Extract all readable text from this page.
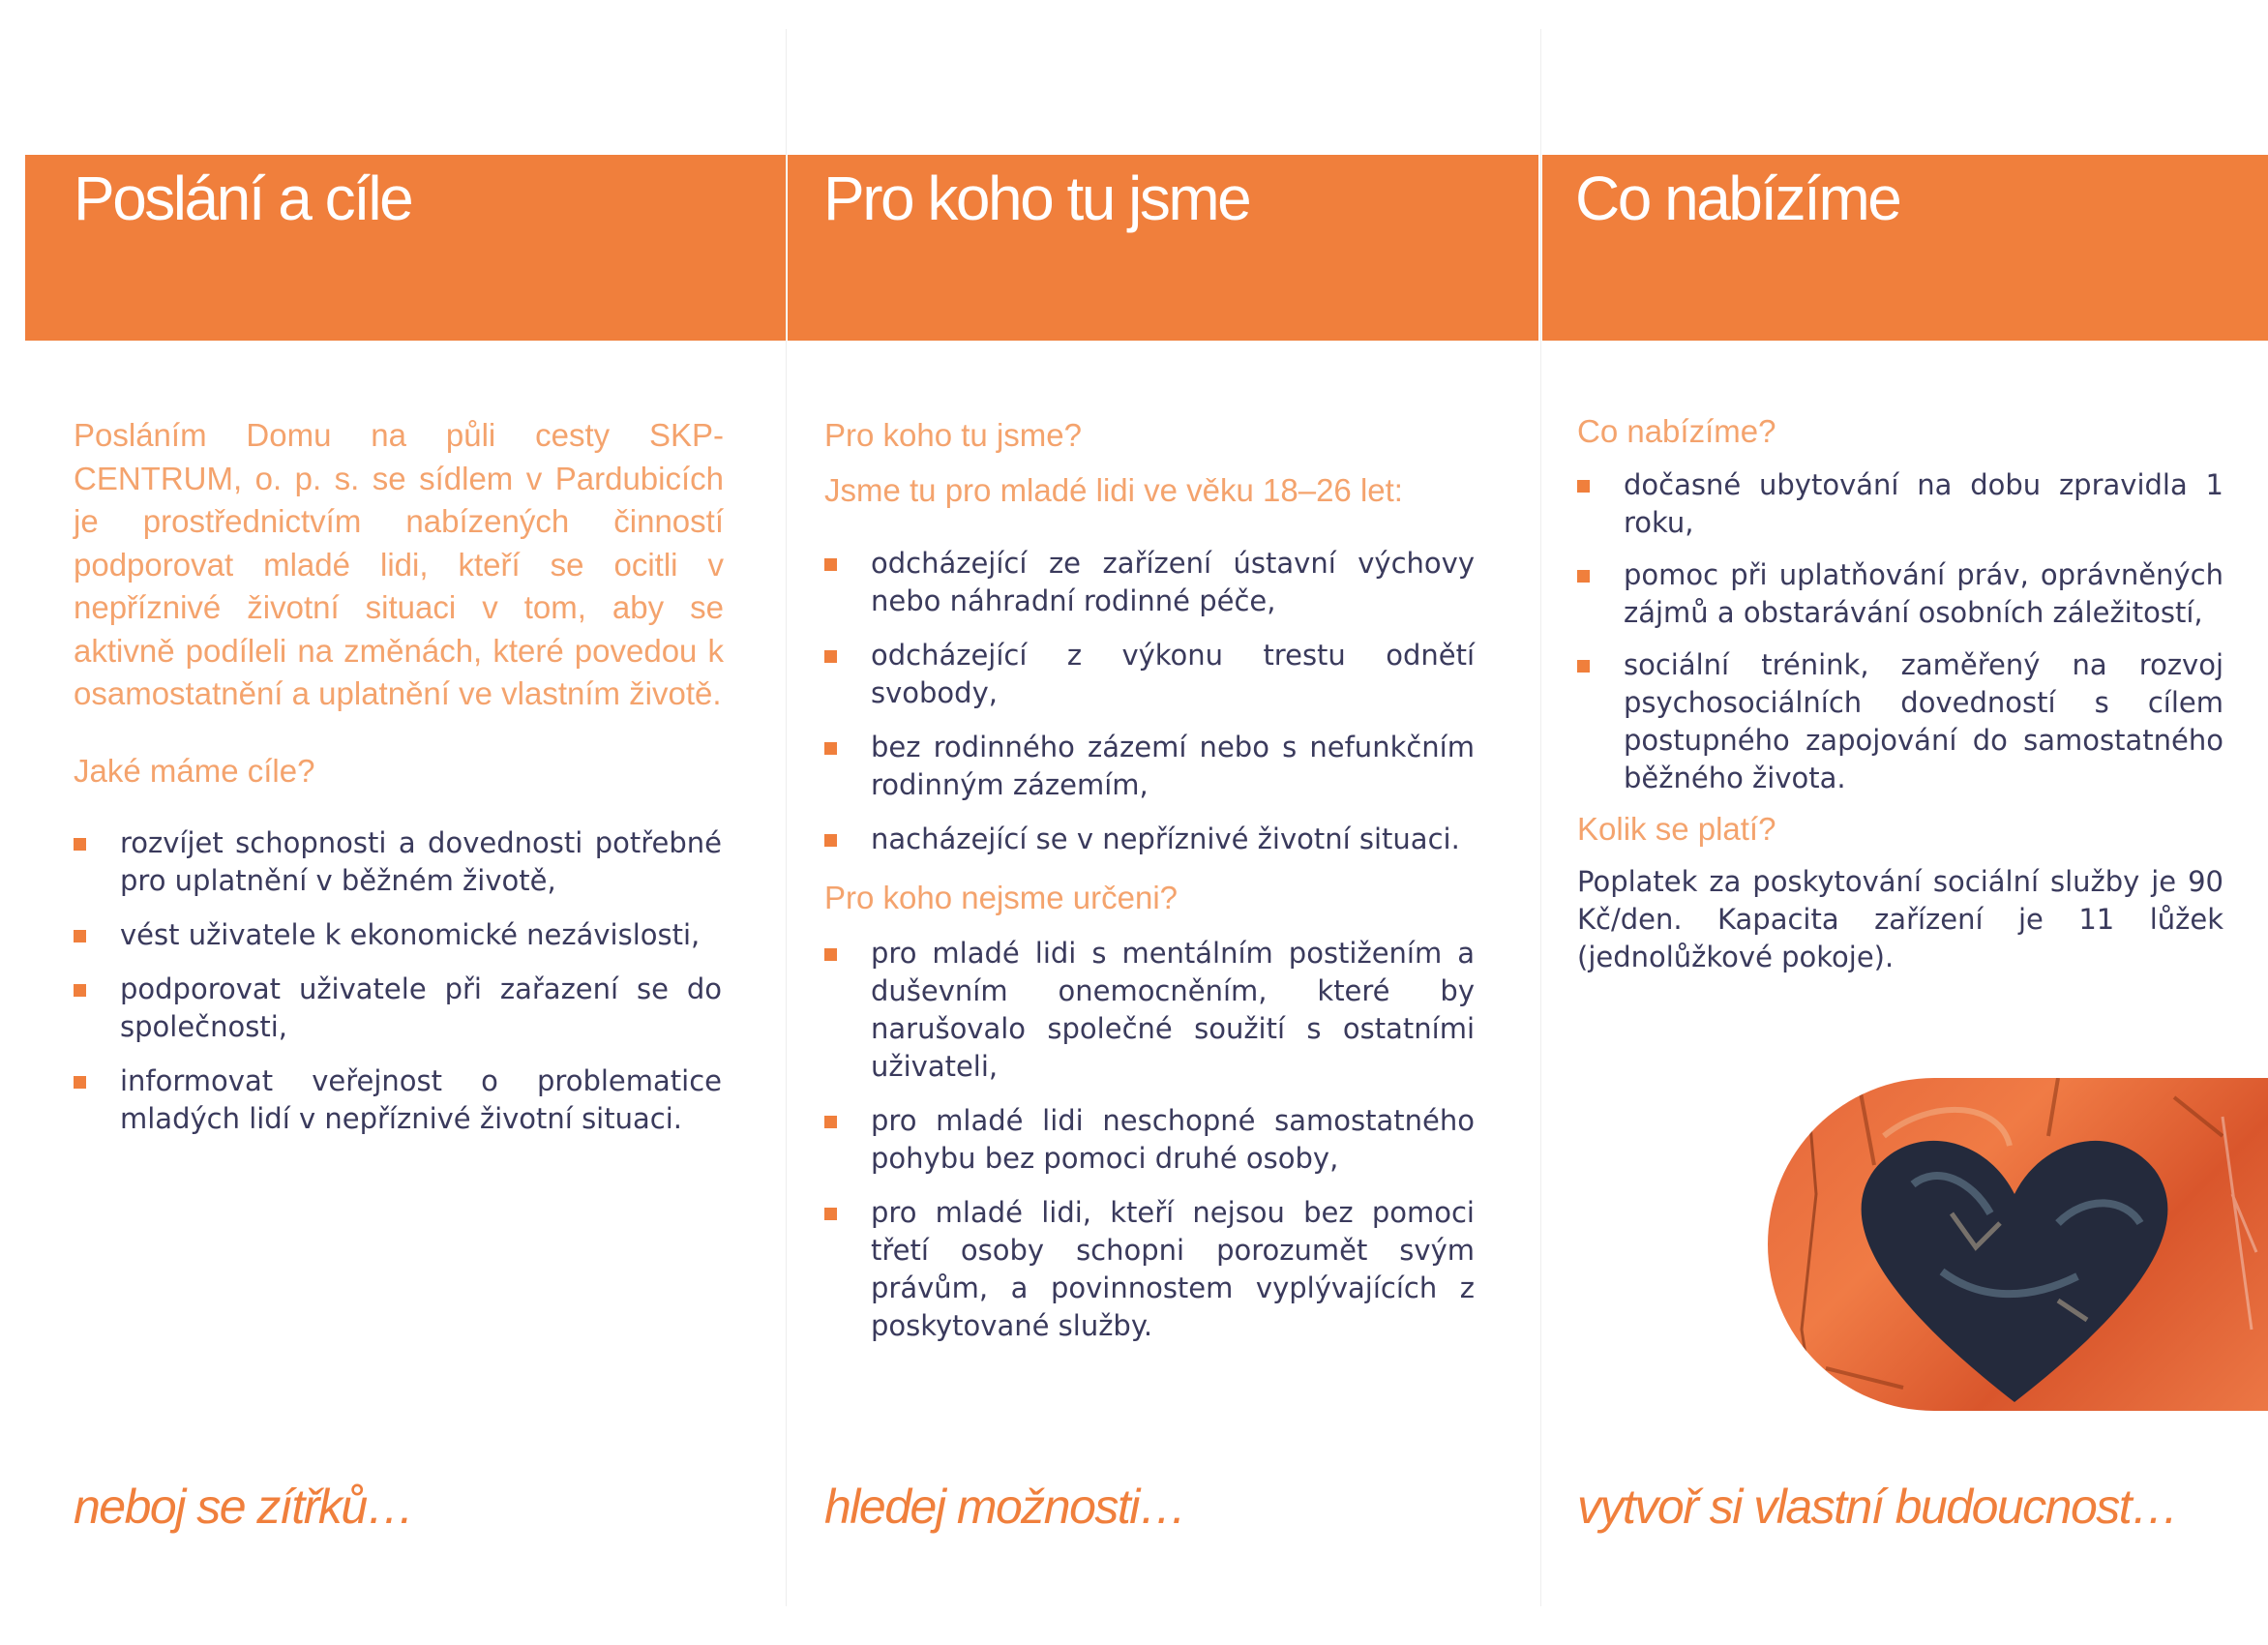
Poslání a cíle	Pro koho tu jsme	Co nabízíme

Posláním Domu na půli cesty SKP-CENTRUM, o. p. s. se sídlem v Pardubicích je prostřednictvím nabízených činností podporovat mladé lidi, kteří se ocitli v nepříznivé životní situaci v tom, aby se aktivně podíleli na změnách, které povedou k osamostatnění a uplatnění ve vlastním životě.

Jaké máme cíle?
rozvíjet schopnosti a dovednosti potřebné pro uplatnění v běžném životě,
vést uživatele k ekonomické nezávislosti,
podporovat uživatele při zařazení se do společnosti,
informovat veřejnost o problematice mladých lidí v nepříznivé životní situaci.

neboj se zítřků…

Pro koho tu jsme?

Jsme tu pro mladé lidi ve věku 18–26 let:

odcházející ze zařízení ústavní výchovy nebo náhradní rodinné péče,
odcházející z výkonu trestu odnětí svobody,
bez rodinného zázemí nebo s nefunkčním rodinným zázemím,
nacházející se v nepříznivé životní situaci.
Pro koho nejsme určeni?
pro mladé lidi s mentálním postižením a duševním onemocněním, které by narušovalo společné soužití s ostatními uživateli,
pro mladé lidi neschopné samostatného pohybu bez pomoci druhé osoby,
pro mladé lidi, kteří nejsou bez pomoci třetí osoby schopni porozumět svým právům, a povinnostem vyplývajících z poskytované služby.

hledej možnosti…

Co nabízíme?
dočasné ubytování na dobu zpravidla 1 roku,
pomoc při uplatňování práv, oprávněných zájmů a obstarávání osobních záležitostí,
sociální trénink, zaměřený na rozvoj psychosociálních dovedností s cílem postupného zapojování do samostatného běžného života.
Kolik se platí?

Poplatek za poskytování sociální služby je 90 Kč/den. Kapacita zařízení je 11 lůžek (jednolůžkové pokoje).

vytvoř si vlastní budoucnost…
